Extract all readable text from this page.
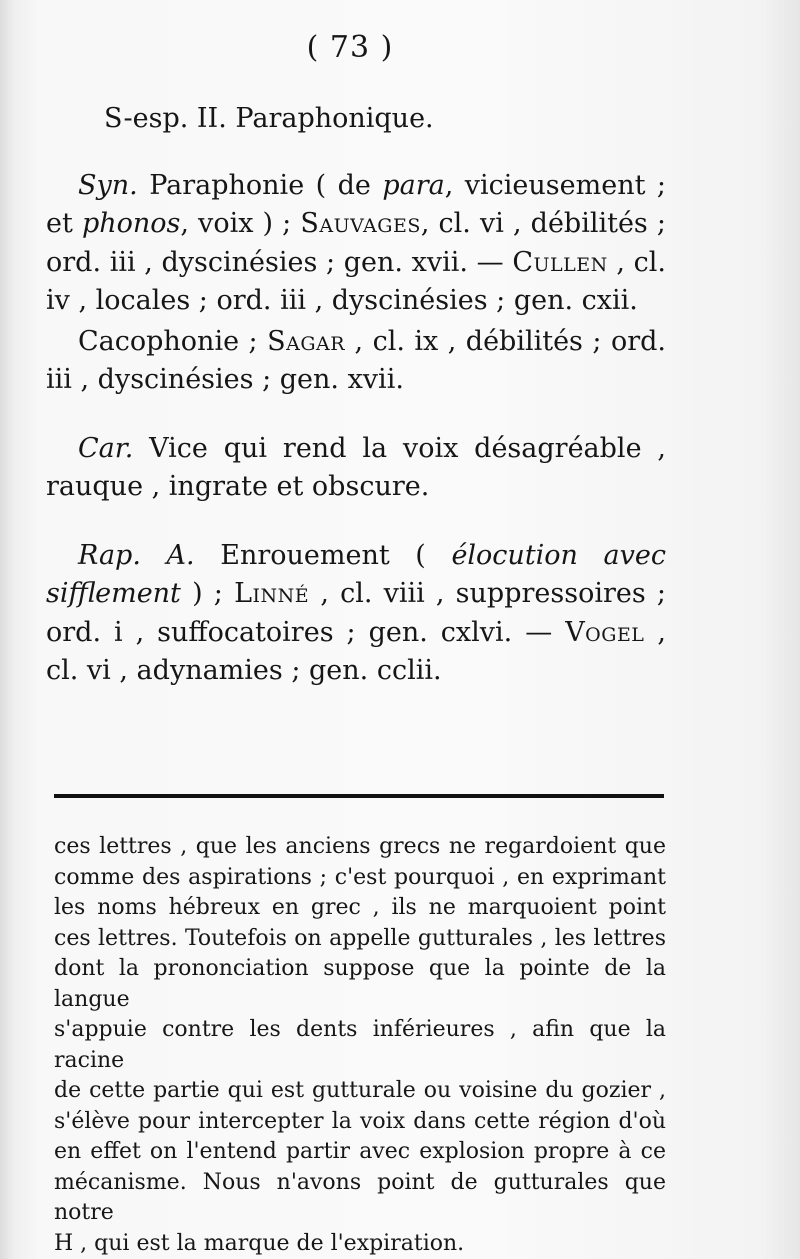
( 73 )

S-esp. II. Paraphonique.

Syn. Paraphonie ( de para, vicieusement ; et phonos, voix ) ; Sauvages, cl. vi , débilités ; ord. iii , dyscinésies ; gen. xvii. — Cullen , cl. iv , locales ; ord. iii , dyscinésies ; gen. cxii.

Cacophonie ; Sagar , cl. ix , débilités ; ord. iii , dyscinésies ; gen. xvii.

Car. Vice qui rend la voix désagréable , rauque , ingrate et obscure.

Rap. A. Enrouement ( élocution avec sifflement ) ; Linné , cl. viii , suppressoires ; ord. i , suffocatoires ; gen. cxlvi. — Vogel , cl. vi , adynamies ; gen. cclii.

ces lettres , que les anciens grecs ne regardoient que

comme des aspirations ; c'est pourquoi , en exprimant

les noms hébreux en grec , ils ne marquoient point

ces lettres. Toutefois on appelle gutturales , les lettres

dont la prononciation suppose que la pointe de la langue

s'appuie contre les dents inférieures , afin que la racine

de cette partie qui est gutturale ou voisine du gozier ,

s'élève pour intercepter la voix dans cette région d'où

en effet on l'entend partir avec explosion propre à ce

mécanisme. Nous n'avons point de gutturales que notre

H , qui est la marque de l'expiration.
